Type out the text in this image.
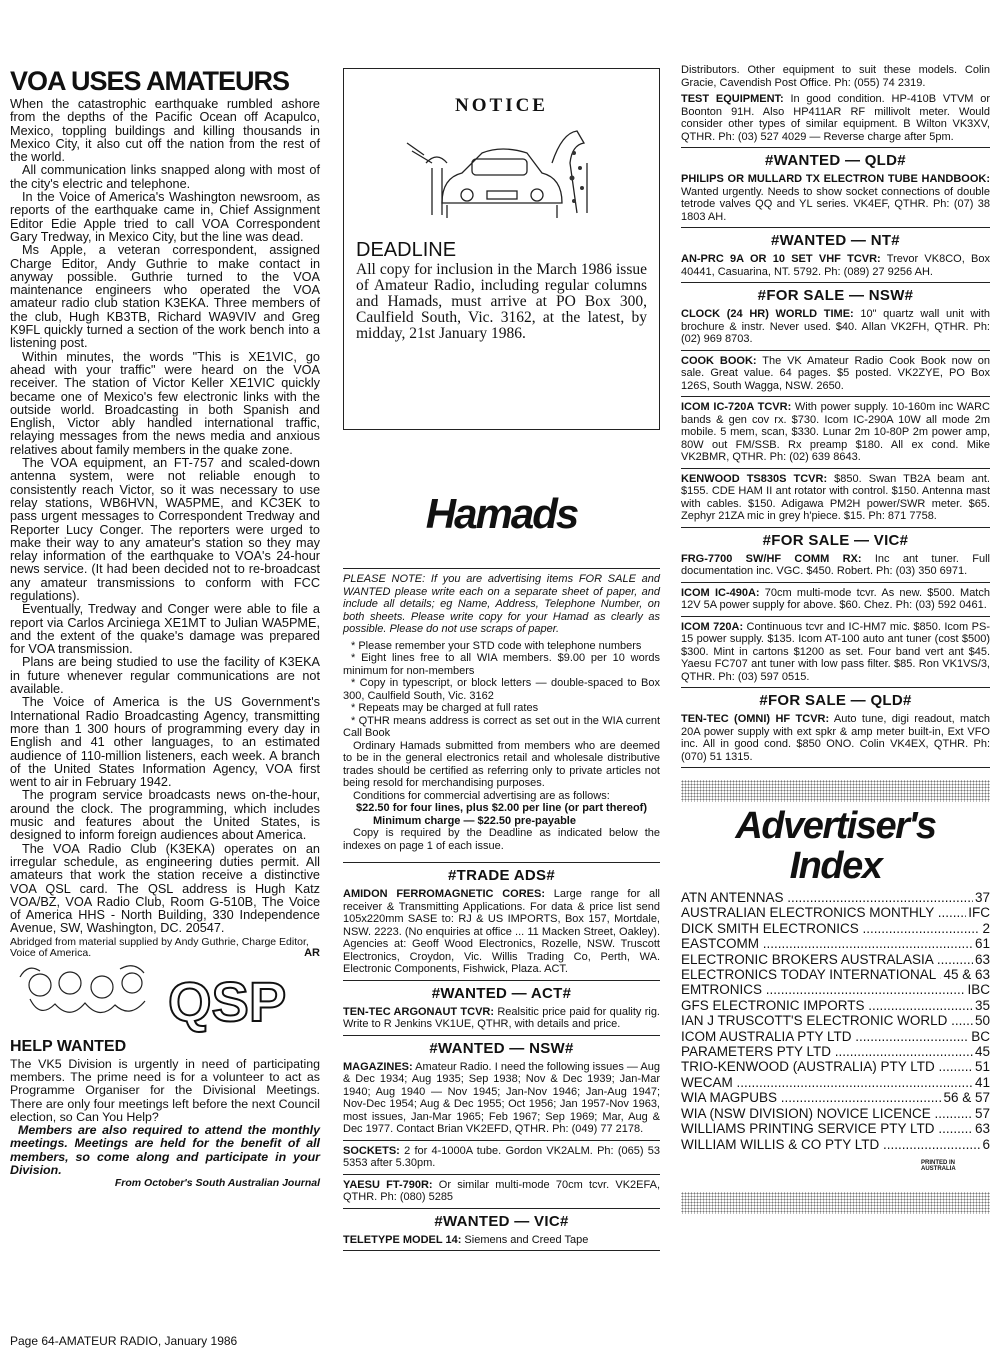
VOA USES AMATEURS

When the catastrophic earthquake rumbled ashore from the depths of the Pacific Ocean off Acapulco, Mexico, toppling buildings and killing thousands in Mexico City, it also cut off the nation from the rest of the world.

All communication links snapped along with most of the city's electric and telephone.

In the Voice of America's Washington newsroom, as reports of the earthquake came in, Chief Assignment Editor Edie Apple tried to call VOA Correspondent Gary Tredway, in Mexico City, but the line was dead.

Ms Apple, a veteran correspondent, assigned Charge Editor, Andy Guthrie to make contact in anyway possible. Guthrie turned to the VOA maintenance engineers who operated the VOA amateur radio club station K3EKA. Three members of the club, Hugh KB3TB, Richard WA9VIV and Greg K9FL quickly turned a section of the work bench into a listening post.

Within minutes, the words "This is XE1VIC, go ahead with your traffic" were heard on the VOA receiver. The station of Victor Keller XE1VIC quickly became one of Mexico's few electronic links with the outside world. Broadcasting in both Spanish and English, Victor ably handled international traffic, relaying messages from the news media and anxious relatives about family members in the quake zone.

The VOA equipment, an FT-757 and scaled-down antenna system, were not reliable enough to consistently reach Victor, so it was necessary to use relay stations, WB6HVN, WA5PME, and KC3EK to pass urgent messages to Correspondent Tredway and Reporter Lucy Conger. The reporters were urged to make their way to any amateur's station so they may relay information of the earthquake to VOA's 24-hour news service. (It had been decided not to re-broadcast any amateur transmissions to conform with FCC regulations).

Eventually, Tredway and Conger were able to file a report via Carlos Arciniega XE1MT to Julian WA5PME, and the extent of the quake's damage was prepared for VOA transmission.

Plans are being studied to use the facility of K3EKA in future whenever regular communications are not available.

The Voice of America is the US Government's International Radio Broadcasting Agency, transmitting more than 1 300 hours of programming every day in English and 41 other languages, to an estimated audience of 110-million listeners, each week. A branch of the United States Information Agency, VOA first went to air in February 1942.

The program service broadcasts news on-the-hour, around the clock. The programming, which includes music and features about the United States, is designed to inform foreign audiences about America.

The VOA Radio Club (K3EKA) operates on an irregular schedule, as engineering duties permit. All amateurs that work the station receive a distinctive VOA QSL card. The QSL address is Hugh Katz VOA/BZ, VOA Radio Club, Room G-510B, The Voice of America HHS - North Building, 330 Independence Avenue, SW, Washington, DC. 20547.

Abridged from material supplied by Andy Guthrie, Charge Editor, Voice of America.	AR
QSP
HELP WANTED
The VK5 Division is urgently in need of participating members. The prime need is for a volunteer to act as Programme Organiser for the Divisional Meetings. There are only four meetings left before the next Council election, so Can You Help?
Members are also required to attend the monthly meetings. Meetings are held for the benefit of all members, so come along and participate in your Division.
From October's South Australian Journal
NOTICE
DEADLINE
All copy for inclusion in the March 1986 issue of Amateur Radio, including regular columns and Hamads, must arrive at PO Box 300, Caulfield South, Vic. 3162, at the latest, by midday, 21st January 1986.
Hamads
PLEASE NOTE: If you are advertising items FOR SALE and WANTED please write each on a separate sheet of paper, and include all details; eg Name, Address, Telephone Number, on both sheets. Please write copy for your Hamad as clearly as possible. Please do not use scraps of paper.
* Please remember your STD code with telephone numbers
* Eight lines free to all WIA members. $9.00 per 10 words minimum for non-members
* Copy in typescript, or block letters — double-spaced to Box 300, Caulfield South, Vic. 3162
* Repeats may be charged at full rates
* QTHR means address is correct as set out in the WIA current Call Book
Ordinary Hamads submitted from members who are deemed to be in the general electronics retail and wholesale distributive trades should be certified as referring only to private articles not being resold for merchandising purposes.
Conditions for commercial advertising are as follows:
$22.50 for four lines, plus $2.00 per line (or part thereof)
Minimum charge — $22.50 pre-payable
Copy is required by the Deadline as indicated below the indexes on page 1 of each issue.
#TRADE ADS#
AMIDON FERROMAGNETIC CORES: Large range for all receiver & Transmitting Applications. For data & price list send 105x220mm SASE to: RJ & US IMPORTS, Box 157, Mortdale, NSW. 2223. (No enquiries at office ... 11 Macken Street, Oakley). Agencies at: Geoff Wood Electronics, Rozelle, NSW. Truscott Electronics, Croydon, Vic. Willis Trading Co, Perth, WA. Electronic Components, Fishwick, Plaza. ACT.
#WANTED — ACT#
TEN-TEC ARGONAUT TCVR: Realsitic price paid for quality rig. Write to R Jenkins VK1UE, QTHR, with details and price.
#WANTED — NSW#
MAGAZINES: Amateur Radio. I need the following issues — Aug & Dec 1934; Aug 1935; Sep 1938; Nov & Dec 1939; Jan-Mar 1940; Aug 1940 — Nov 1945; Jan-Nov 1946; Jan-Aug 1947; Nov-Dec 1954; Aug & Dec 1955; Oct 1956; Jan 1957-Nov 1963, most issues, Jan-Mar 1965; Feb 1967; Sep 1969; Mar, Aug & Dec 1977. Contact Brian VK2EFD, QTHR. Ph: (049) 77 2178.
SOCKETS: 2 for 4-1000A tube. Gordon VK2ALM. Ph: (065) 53 5353 after 5.30pm.
YAESU FT-790R: Or similar multi-mode 70cm tcvr. VK2EFA, QTHR. Ph: (080) 5285
#WANTED — VIC#
TELETYPE MODEL 14: Siemens and Creed Tape
Distributors. Other equipment to suit these models. Colin Gracie, Cavendish Post Office. Ph: (055) 74 2319.
TEST EQUIPMENT: In good condition. HP-410B VTVM or Boonton 91H. Also HP411AR RF millivolt meter. Would consider other types of similar equipment. B Wilton VK3XV, QTHR. Ph: (03) 527 4029 — Reverse charge after 5pm.
#WANTED — QLD#
PHILIPS OR MULLARD TX ELECTRON TUBE HANDBOOK: Wanted urgently. Needs to show socket connections of double tetrode valves QQ and YL series. VK4EF, QTHR. Ph: (07) 38 1803 AH.
#WANTED — NT#
AN-PRC 9A OR 10 SET VHF TCVR: Trevor VK8CO, Box 40441, Casuarina, NT. 5792. Ph: (089) 27 9256 AH.
#FOR SALE — NSW#
CLOCK (24 HR) WORLD TIME: 10" quartz wall unit with brochure & instr. Never used. $40. Allan VK2FH, QTHR. Ph: (02) 969 8703.
COOK BOOK: The VK Amateur Radio Cook Book now on sale. Great value. 64 pages. $5 posted. VK2ZYE, PO Box 126S, South Wagga, NSW. 2650.
ICOM IC-720A TCVR: With power supply. 10-160m inc WARC bands & gen cov rx. $730. Icom IC-290A 10W all mode 2m mobile. 5 mem, scan, $330. Lunar 2m 10-80P 2m power amp, 80W out FM/SSB. Rx preamp $180. All ex cond. Mike VK2BMR, QTHR. Ph: (02) 639 8643.
KENWOOD TS830S TCVR: $850. Swan TB2A beam ant. $155. CDE HAM II ant rotator with control. $150. Antenna mast with cables. $150. Adigawa PM2H power/SWR meter. $65. Zephyr 21ZA mic in grey h'piece. $15. Ph: 871 7758.
#FOR SALE — VIC#
FRG-7700 SW/HF COMM RX: Inc ant tuner. Full documentation inc. VGC. $450. Robert. Ph: (03) 350 6971.
ICOM IC-490A: 70cm multi-mode tcvr. As new. $500. Match 12V 5A power supply for above. $60. Chez. Ph: (03) 592 0461.
ICOM 720A: Continuous tcvr and IC-HM7 mic. $850. Icom PS-15 power supply. $135. Icom AT-100 auto ant tuner (cost $500) $300. Mint in cartons $1200 as set. Four band vert ant $45. Yaesu FC707 ant tuner with low pass filter. $85. Ron VK1VS/3, QTHR. Ph: (03) 597 0515.
#FOR SALE — QLD#
TEN-TEC (OMNI) HF TCVR: Auto tune, digi readout, match 20A power supply with ext spkr & amp meter built-in, Ext VFO inc. All in good cond. $850 ONO. Colin VK4EX, QTHR. Ph: (070) 51 1315.
Advertiser's
Index
ATN ANTENNAS .....	37
AUSTRALIAN ELECTRONICS MONTHLY .....	IFC
DICK SMITH ELECTRONICS .....	2
EASTCOMM .....	61
ELECTRONIC BROKERS AUSTRALASIA .....	63
ELECTRONICS TODAY INTERNATIONAL ..... 45 & 63
EMTRONICS .....	IBC
GFS ELECTRONIC IMPORTS .....	35
IAN J TRUSCOTT'S ELECTRONIC WORLD .....	50
ICOM AUSTRALIA PTY LTD .....	BC
PARAMETERS PTY LTD .....	45
TRIO-KENWOOD (AUSTRALIA) PTY LTD .....	51
WECAM .....	41
WIA MAGPUBS .....	56 & 57
WIA (NSW DIVISION) NOVICE LICENCE .....	57
WILLIAMS PRINTING SERVICE PTY LTD .....	63
WILLIAM WILLIS & CO PTY LTD .....	6
PRINTED IN AUSTRALIA
Page 64-AMATEUR RADIO, January 1986
